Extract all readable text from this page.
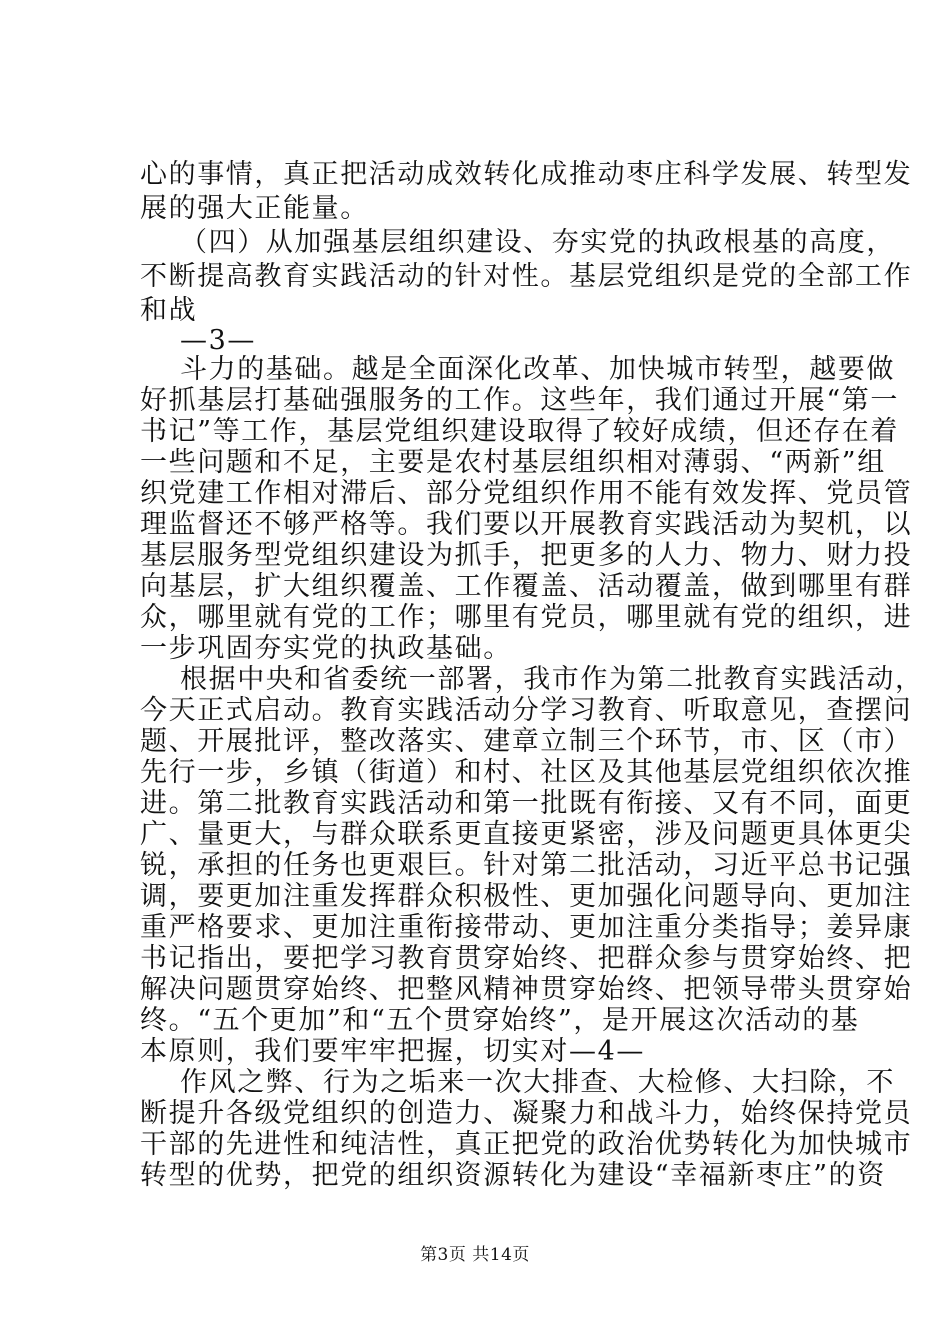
心的事情，真正把活动成效转化成推动枣庄科学发展、转型发
展的强大正能量。
（四）从加强基层组织建设、夯实党的执政根基的高度，
不断提高教育实践活动的针对性。基层党组织是党的全部工作
和战
—3—
斗力的基础。越是全面深化改革、加快城市转型，越要做
好抓基层打基础强服务的工作。这些年，我们通过开展“第一
书记”等工作，基层党组织建设取得了较好成绩，但还存在着
一些问题和不足，主要是农村基层组织相对薄弱、“两新”组
织党建工作相对滞后、部分党组织作用不能有效发挥、党员管
理监督还不够严格等。我们要以开展教育实践活动为契机，以
基层服务型党组织建设为抓手，把更多的人力、物力、财力投
向基层，扩大组织覆盖、工作覆盖、活动覆盖，做到哪里有群
众，哪里就有党的工作；哪里有党员，哪里就有党的组织，进
一步巩固夯实党的执政基础。
根据中央和省委统一部署，我市作为第二批教育实践活动，
今天正式启动。教育实践活动分学习教育、听取意见，查摆问
题、开展批评，整改落实、建章立制三个环节，市、区（市）
先行一步，乡镇（街道）和村、社区及其他基层党组织依次推
进。第二批教育实践活动和第一批既有衔接、又有不同，面更
广、量更大，与群众联系更直接更紧密，涉及问题更具体更尖
锐，承担的任务也更艰巨。针对第二批活动，习近平总书记强
调，要更加注重发挥群众积极性、更加强化问题导向、更加注
重严格要求、更加注重衔接带动、更加注重分类指导；姜异康
书记指出，要把学习教育贯穿始终、把群众参与贯穿始终、把
解决问题贯穿始终、把整风精神贯穿始终、把领导带头贯穿始
终。“五个更加”和“五个贯穿始终”，是开展这次活动的基
本原则，我们要牢牢把握，切实对—4—
作风之弊、行为之垢来一次大排查、大检修、大扫除，不
断提升各级党组织的创造力、凝聚力和战斗力，始终保持党员
干部的先进性和纯洁性，真正把党的政治优势转化为加快城市
转型的优势，把党的组织资源转化为建设“幸福新枣庄”的资
第3页 共14页
